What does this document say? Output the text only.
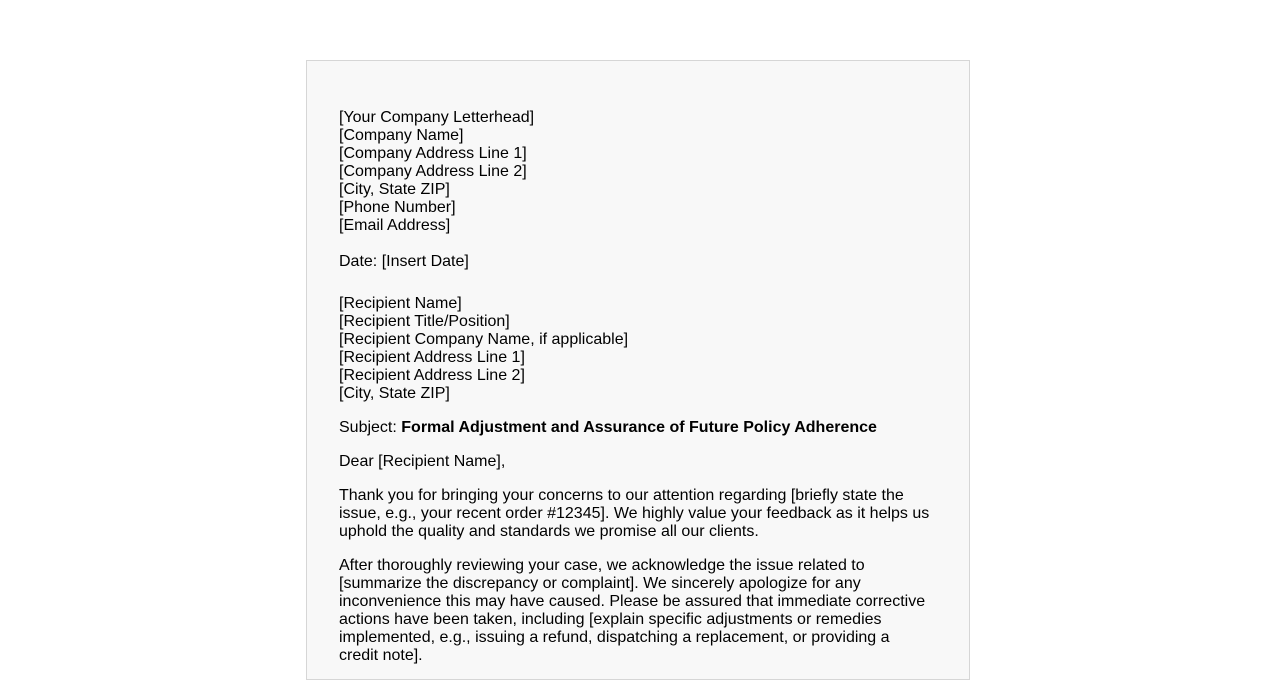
[Your Company Letterhead]
[Company Name]
[Company Address Line 1]
[Company Address Line 2]
[City, State ZIP]
[Phone Number]
[Email Address]
Date: [Insert Date]
[Recipient Name]
[Recipient Title/Position]
[Recipient Company Name, if applicable]
[Recipient Address Line 1]
[Recipient Address Line 2]
[City, State ZIP]
Subject: Formal Adjustment and Assurance of Future Policy Adherence
Dear [Recipient Name],
Thank you for bringing your concerns to our attention regarding [briefly state the
issue, e.g., your recent order #12345]. We highly value your feedback as it helps us
uphold the quality and standards we promise all our clients.
After thoroughly reviewing your case, we acknowledge the issue related to
[summarize the discrepancy or complaint]. We sincerely apologize for any
inconvenience this may have caused. Please be assured that immediate corrective
actions have been taken, including [explain specific adjustments or remedies
implemented, e.g., issuing a refund, dispatching a replacement, or providing a
credit note].
